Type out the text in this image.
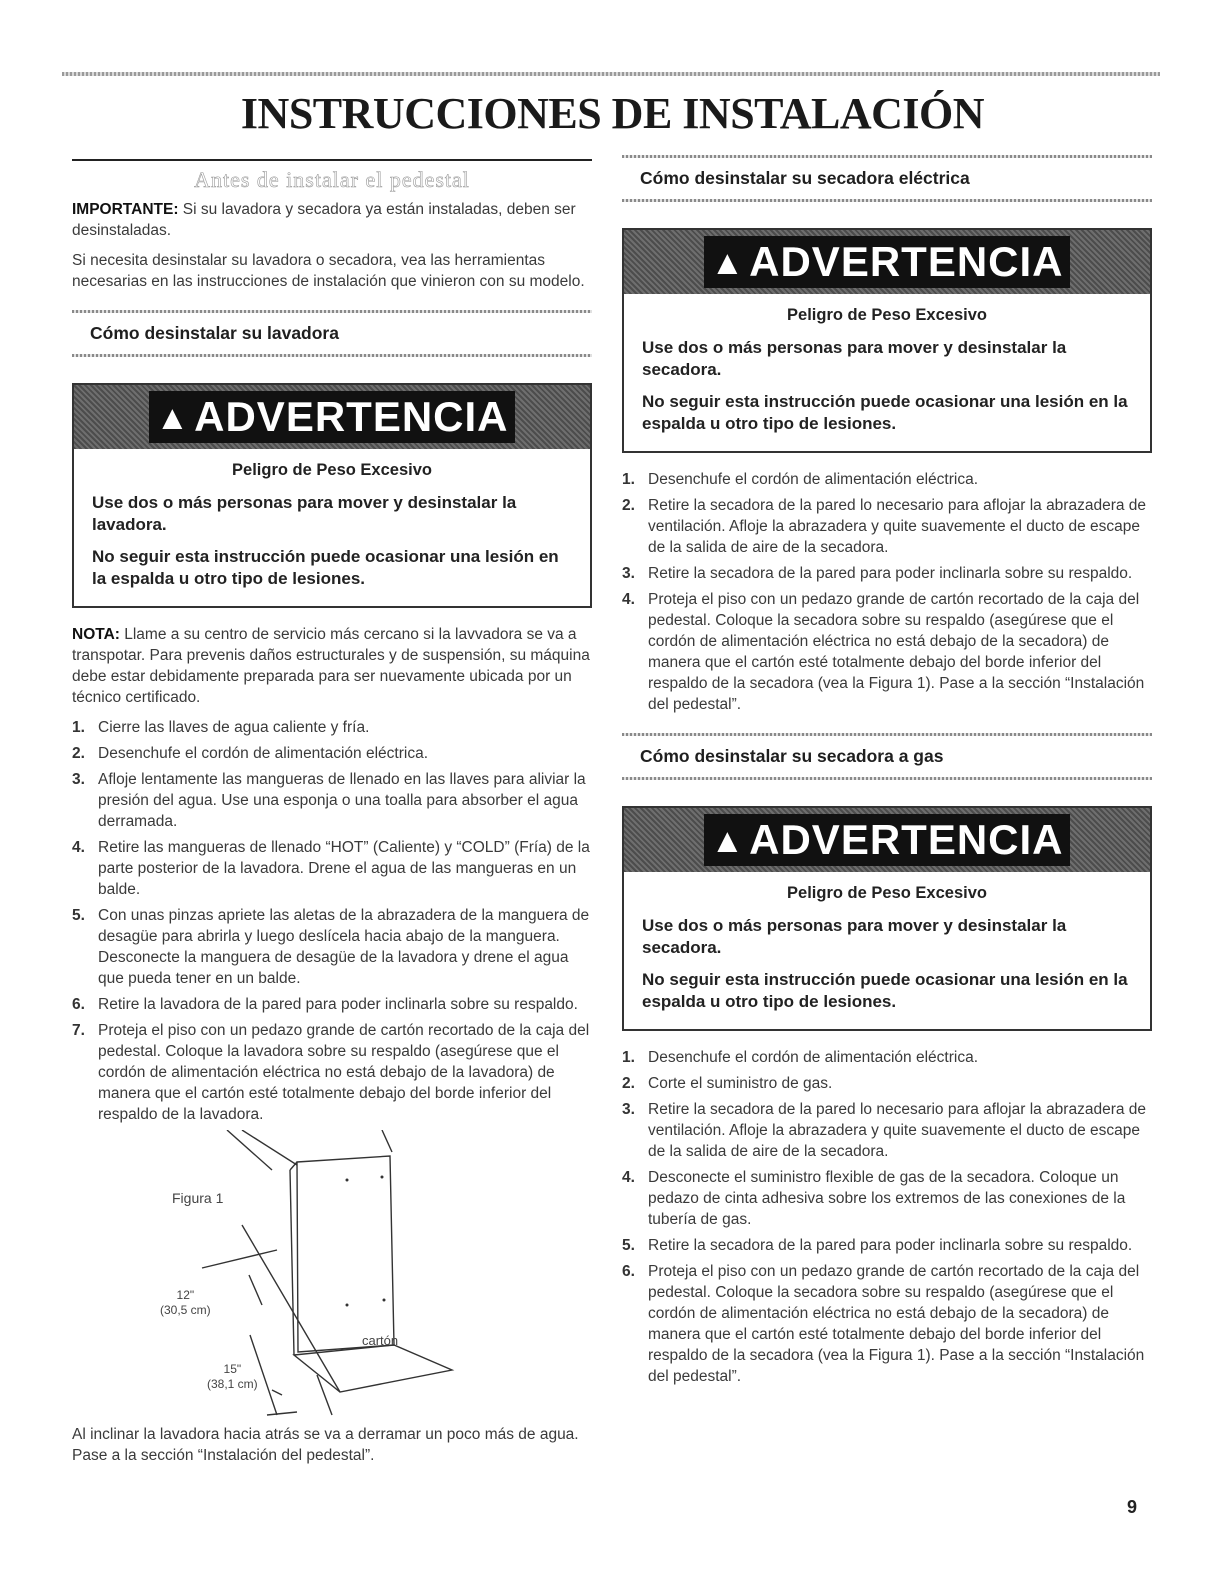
INSTRUCCIONES DE INSTALACIÓN
Antes de instalar el pedestal

IMPORTANTE: Si su lavadora y secadora ya están instaladas, deben ser desinstaladas.

Si necesita desinstalar su lavadora o secadora, vea las herramientas necesarias en las instrucciones de instalación que vinieron con su modelo.

Cómo desinstalar su lavadora
▲ADVERTENCIA
Peligro de Peso Excesivo
Use dos o más personas para mover y desinstalar la lavadora.
No seguir esta instrucción puede ocasionar una lesión en la espalda u otro tipo de lesiones.

NOTA: Llame a su centro de servicio más cercano si la lavvadora se va a transpotar. Para prevenis daños estructurales y de suspensión, su máquina debe estar debidamente preparada para ser nuevamente ubicada por un técnico certificado.

1. Cierre las llaves de agua caliente y fría.
2. Desenchufe el cordón de alimentación eléctrica.
3. Afloje lentamente las mangueras de llenado en las llaves para aliviar la presión del agua. Use una esponja o una toalla para absorber el agua derramada.
4. Retire las mangueras de llenado “HOT” (Caliente) y “COLD” (Fría) de la parte posterior de la lavadora. Drene el agua de las mangueras en un balde.
5. Con unas pinzas apriete las aletas de la abrazadera de la manguera de desagüe para abrirla y luego deslícela hacia abajo de la manguera. Desconecte la manguera de desagüe de la lavadora y drene el agua que pueda tener en un balde.
6. Retire la lavadora de la pared para poder inclinarla sobre su respaldo.
7. Proteja el piso con un pedazo grande de cartón recortado de la caja del pedestal. Coloque la lavadora sobre su respaldo (asegúrese que el cordón de alimentación eléctrica no está debajo de la lavadora) de manera que el cartón esté totalmente debajo del borde inferior del respaldo de la lavadora.
Figura 1
12"
(30,5 cm)
15"
(38,1 cm)
cartón

Al inclinar la lavadora hacia atrás se va a derramar un poco más de agua. Pase a la sección “Instalación del pedestal”.

Cómo desinstalar su secadora eléctrica
▲ADVERTENCIA
Peligro de Peso Excesivo
Use dos o más personas para mover y desinstalar la secadora.
No seguir esta instrucción puede ocasionar una lesión en la espalda u otro tipo de lesiones.
1. Desenchufe el cordón de alimentación eléctrica.
2. Retire la secadora de la pared lo necesario para aflojar la abrazadera de ventilación. Afloje la abrazadera y quite suavemente el ducto de escape de la salida de aire de la secadora.
3. Retire la secadora de la pared para poder inclinarla sobre su respaldo.
4. Proteja el piso con un pedazo grande de cartón recortado de la caja del pedestal. Coloque la secadora sobre su respaldo (asegúrese que el cordón de alimentación eléctrica no está debajo de la secadora) de manera que el cartón esté totalmente debajo del borde inferior del respaldo de la secadora (vea la Figura 1). Pase a la sección “Instalación del pedestal”.
Cómo desinstalar su secadora a gas
▲ADVERTENCIA
Peligro de Peso Excesivo
Use dos o más personas para mover y desinstalar la secadora.
No seguir esta instrucción puede ocasionar una lesión en la espalda u otro tipo de lesiones.
1. Desenchufe el cordón de alimentación eléctrica.
2. Corte el suministro de gas.
3. Retire la secadora de la pared lo necesario para aflojar la abrazadera de ventilación. Afloje la abrazadera y quite suavemente el ducto de escape de la salida de aire de la secadora.
4. Desconecte el suministro flexible de gas de la secadora. Coloque un pedazo de cinta adhesiva sobre los extremos de las conexiones de la tubería de gas.
5. Retire la secadora de la pared para poder inclinarla sobre su respaldo.
6. Proteja el piso con un pedazo grande de cartón recortado de la caja del pedestal. Coloque la secadora sobre su respaldo (asegúrese que el cordón de alimentación eléctrica no está debajo de la secadora) de manera que el cartón esté totalmente debajo del borde inferior del respaldo de la secadora (vea la Figura 1). Pase a la sección “Instalación del pedestal”.
9
